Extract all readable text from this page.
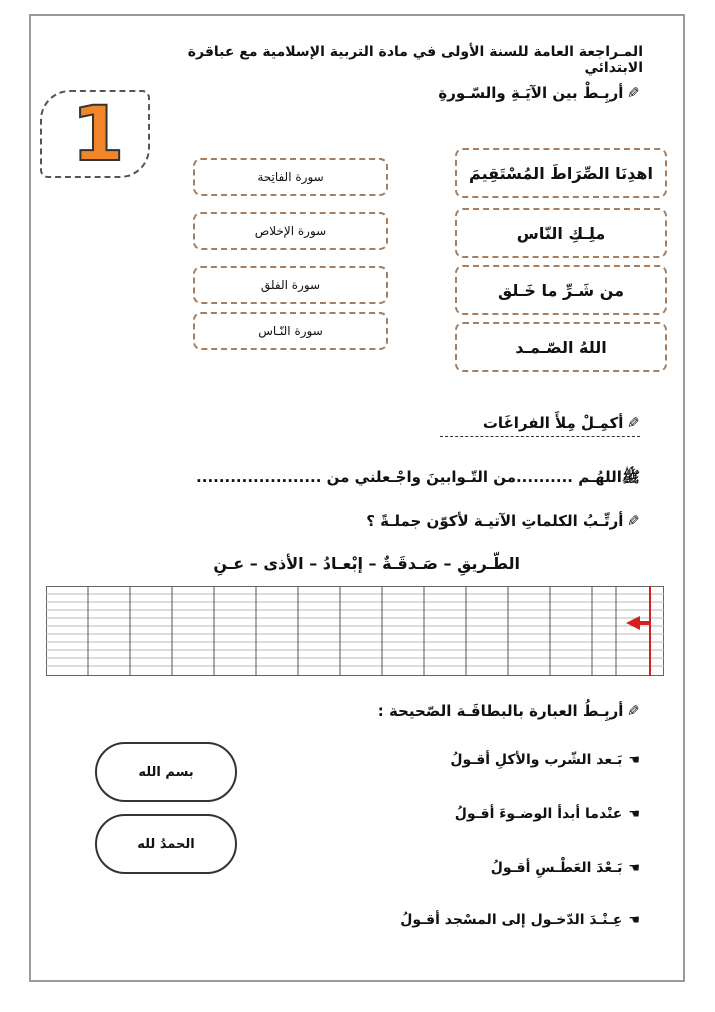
المـراجعة العامة للسنة الأولى في مادة التربية الإسلامية مع عباقرة الابتدائي
1	✎أربِـطْ بين الآيَـةِ والسّـورةِ
اهدِنَا الصِّرَاطَ المُسْتَقِيمَ
ملِـكِ النّاس
من شَـرِّ ما خَـلق
اللهُ الصّـمـد
سورة الفاتِحة
سورة الإخلاص
سورة الفلق
سورة النّـاس
✎أكمِـلْ مِلأَ الفراغَات
ﷺاللهُـم ..........من التّـوابينَ واجْـعلني من ......................
✎أرتِّـبُ الكلماتِ الآتيـة لأكوّن جملـةً ؟
الطّـريقِ – صَـدقَـةٌ – إبْعـادُ – الأذى – عـنِ
✎أربِـطُ العبارة بالبطاقَـة الصّحيحة :
بسم الله
الحمدُ لله
☚بَـعد الشّرب والأكلِ أقـولُ
☚عنْدما أبدأ الوضـوءَ أقـولُ
☚بَـعْدَ العَطْـسِ أقـولُ
☚عِـنْـدَ الدّخـول إلى المسْجد أقـولُ
